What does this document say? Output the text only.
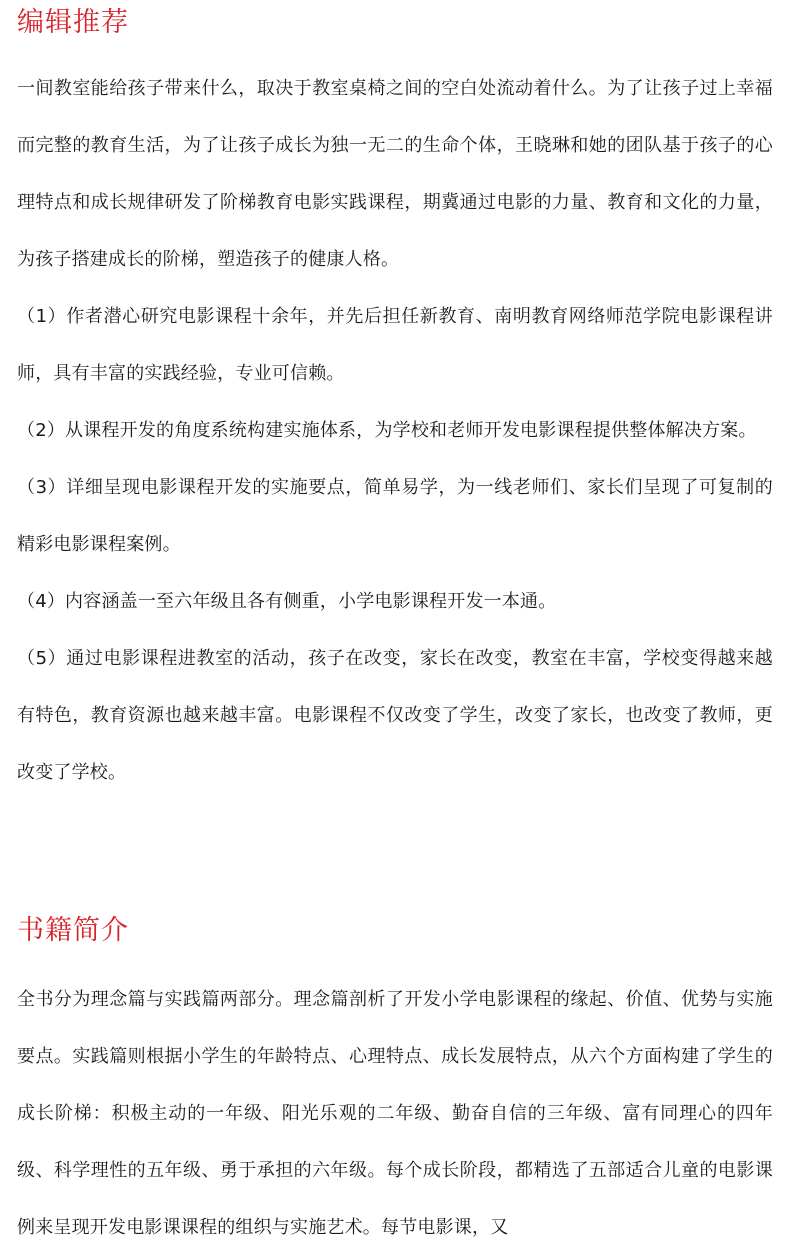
编辑推荐

一间教室能给孩子带来什么，取决于教室桌椅之间的空白处流动着什么。为了让孩子过上幸福而完整的教育生活，为了让孩子成长为独一无二的生命个体，王晓琳和她的团队基于孩子的心理特点和成长规律研发了阶梯教育电影实践课程，期冀通过电影的力量、教育和文化的力量，为孩子搭建成长的阶梯，塑造孩子的健康人格。

（1）作者潜心研究电影课程十余年，并先后担任新教育、南明教育网络师范学院电影课程讲师，具有丰富的实践经验，专业可信赖。

（2）从课程开发的角度系统构建实施体系，为学校和老师开发电影课程提供整体解决方案。

（3）详细呈现电影课程开发的实施要点，简单易学，为一线老师们、家长们呈现了可复制的精彩电影课程案例。

（4）内容涵盖一至六年级且各有侧重，小学电影课程开发一本通。

（5）通过电影课程进教室的活动，孩子在改变，家长在改变，教室在丰富，学校变得越来越有特色，教育资源也越来越丰富。电影课程不仅改变了学生，改变了家长，也改变了教师，更改变了学校。

书籍简介

全书分为理念篇与实践篇两部分。理念篇剖析了开发小学电影课程的缘起、价值、优势与实施要点。实践篇则根据小学生的年龄特点、心理特点、成长发展特点，从六个方面构建了学生的成长阶梯：积极主动的一年级、阳光乐观的二年级、勤奋自信的三年级、富有同理心的四年级、科学理性的五年级、勇于承担的六年级。每个成长阶段，都精选了五部适合儿童的电影课例来呈现开发电影课课程的组织与实施艺术。每节电影课，又
